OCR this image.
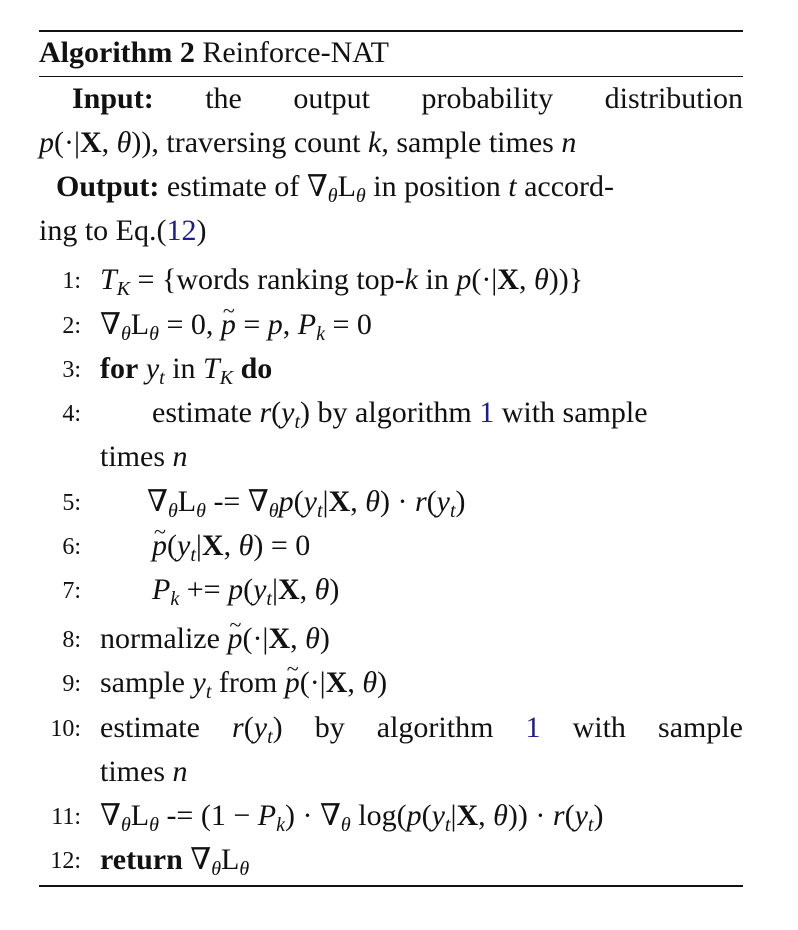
Algorithm 2 Reinforce-NAT
Input: the output probability distribution
p(·|X, θ)), traversing count k, sample times n
Output: estimate of $\nabla_\theta L_\theta$ in position t accord-
ing to Eq.(12)
1: $T_K$ = {words ranking top-k in p(·|X, θ))}
2: $\nabla_\theta L_\theta = 0$, ~ p = p, $P_k = 0$
3: for $y_t$ in $T_K$ do
4: estimate $r(y_t)$ by algorithm 1 with sample
times n
5: $\nabla_\theta L_\theta -= \nabla_\theta p(y_t|X$, $\theta) \cdot r(y_t)$
6:
~ $p(y_t|X$, θ) = 0
7: $P_k += p(y_t|X$, θ)
8: normalize ~ p(·|X, θ)
9: sample $y_t$ from ~ p(·|X, θ)
10: estimate $r(y_t)$ by algorithm 1 with sample
times n
11: $\nabla_\theta L_\theta -= (1 - P_k) \cdot \nabla_\theta$ $\log(p(y_t|X$, $\theta)) \cdot r(y_t)$
12: return $\nabla_\theta L_\theta$
